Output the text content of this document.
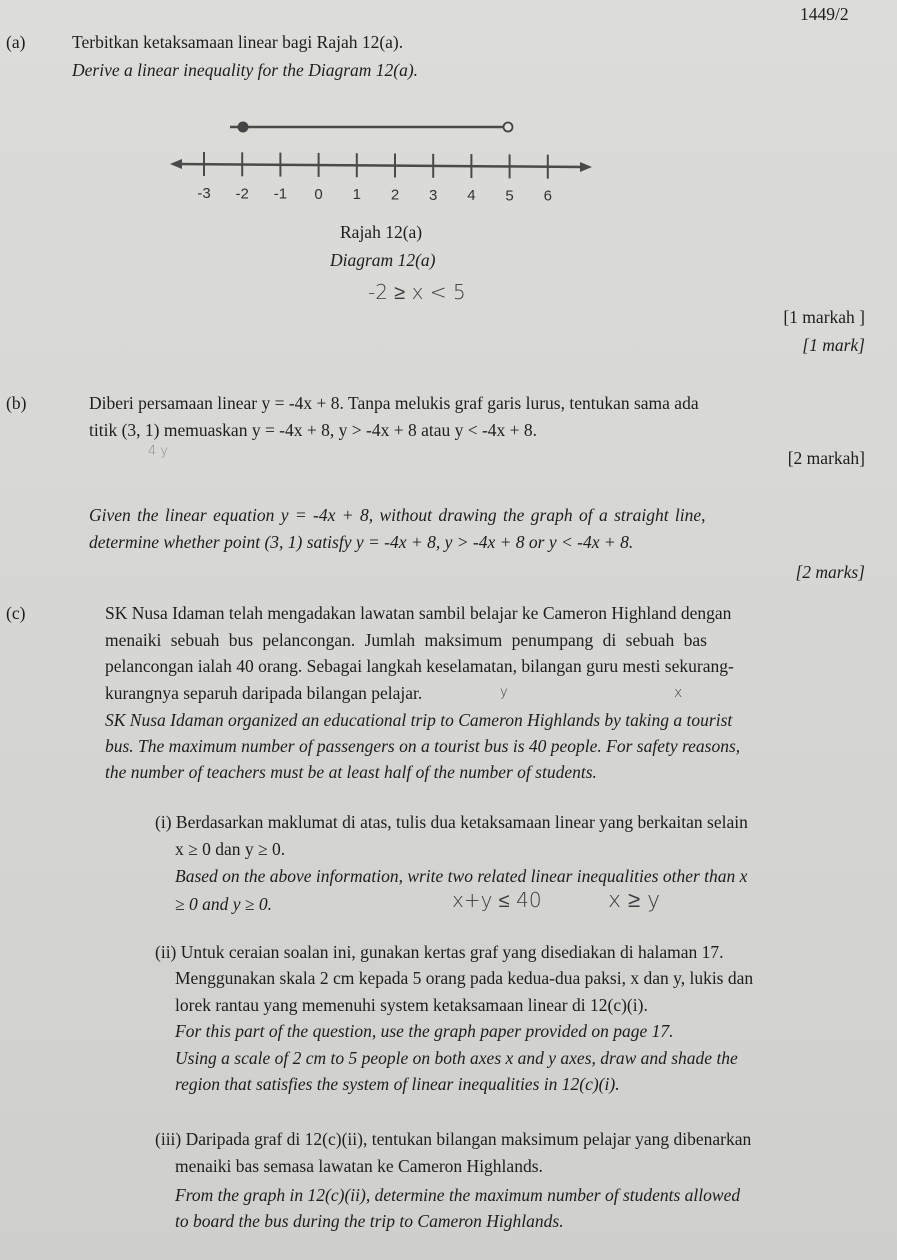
1449/2
(a)	Terbitkan ketaksamaan linear bagi Rajah 12(a).
Derive a linear inequality for the Diagram 12(a).
-3 -2 -1 0 1 2 3 4 5 6
Rajah 12(a)
Diagram 12(a)
-2 ≥ x < 5
[1 markah ]
[1 mark]
(b)	Diberi persamaan linear y = -4x + 8. Tanpa melukis graf garis lurus, tentukan sama ada
titik (3, 1) memuaskan y = -4x + 8, y > -4x + 8 atau y < -4x + 8.
4 y	[2 markah]
Given the linear equation y = -4x + 8, without drawing the graph of a straight line,
determine whether point (3, 1) satisfy y = -4x + 8, y > -4x + 8 or y < -4x + 8.
[2 marks]
(c)	SK Nusa Idaman telah mengadakan lawatan sambil belajar ke Cameron Highland dengan
menaiki sebuah bus pelancongan. Jumlah maksimum penumpang di sebuah bas
pelancongan ialah 40 orang. Sebagai langkah keselamatan, bilangan guru mesti sekurang-
kurangnya separuh daripada bilangan pelajar.	y	x
SK Nusa Idaman organized an educational trip to Cameron Highlands by taking a tourist
bus. The maximum number of passengers on a tourist bus is 40 people. For safety reasons,
the number of teachers must be at least half of the number of students.
(i) Berdasarkan maklumat di atas, tulis dua ketaksamaan linear yang berkaitan selain
x ≥ 0 dan y ≥ 0.
Based on the above information, write two related linear inequalities other than x
≥ 0 and y ≥ 0.	x+y ≤ 40	x ≥ y
(ii) Untuk ceraian soalan ini, gunakan kertas graf yang disediakan di halaman 17.
Menggunakan skala 2 cm kepada 5 orang pada kedua-dua paksi, x dan y, lukis dan
lorek rantau yang memenuhi system ketaksamaan linear di 12(c)(i).
For this part of the question, use the graph paper provided on page 17.
Using a scale of 2 cm to 5 people on both axes x and y axes, draw and shade the
region that satisfies the system of linear inequalities in 12(c)(i).
(iii) Daripada graf di 12(c)(ii), tentukan bilangan maksimum pelajar yang dibenarkan
menaiki bas semasa lawatan ke Cameron Highlands.
From the graph in 12(c)(ii), determine the maximum number of students allowed
to board the bus during the trip to Cameron Highlands.
